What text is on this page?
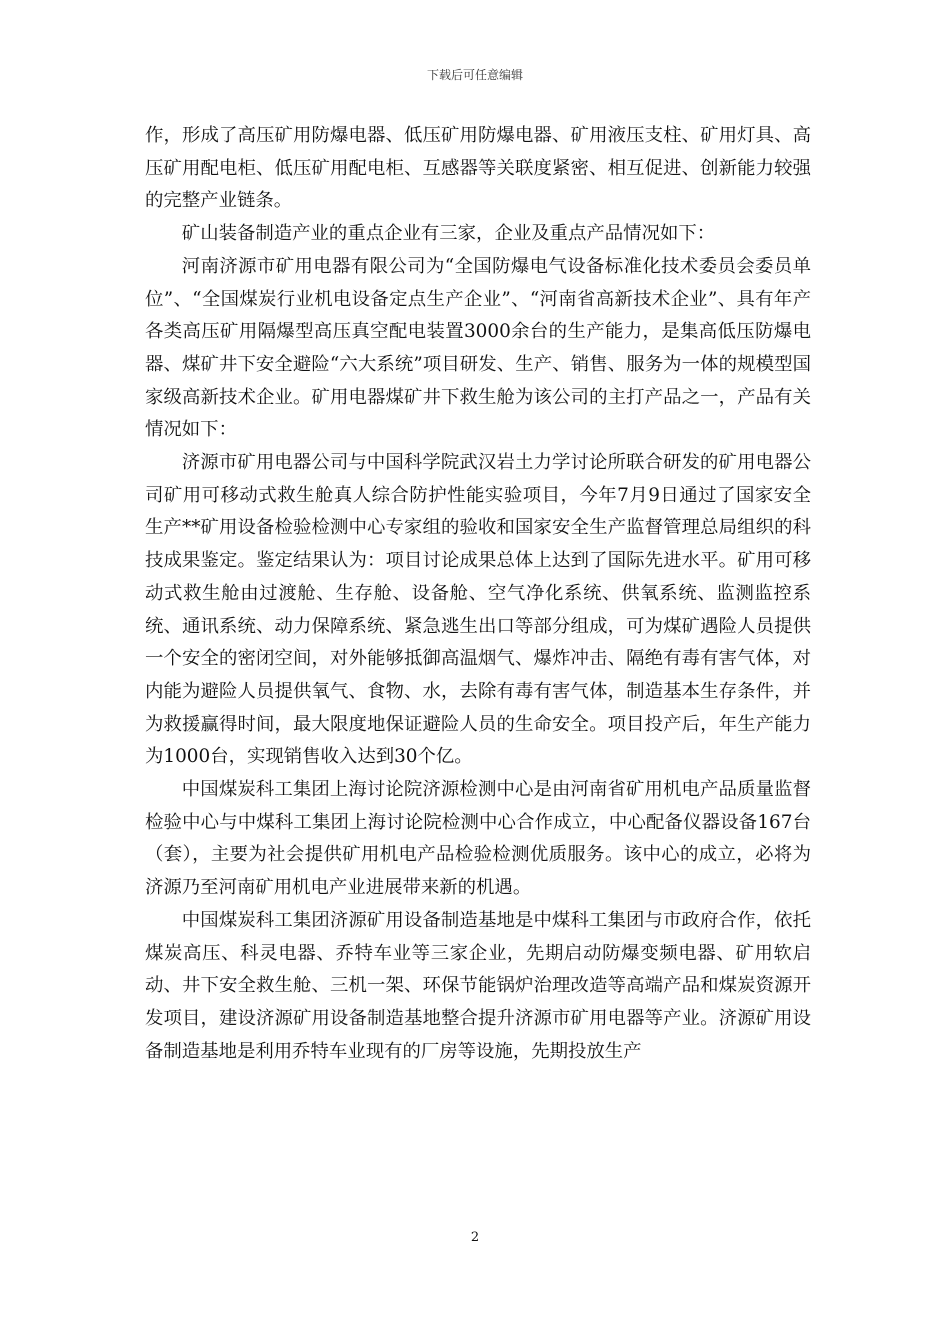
下载后可任意编辑

作，形成了高压矿用防爆电器、低压矿用防爆电器、矿用液压支柱、矿用灯具、高压矿用配电柜、低压矿用配电柜、互感器等关联度紧密、相互促进、创新能力较强的完整产业链条。

矿山装备制造产业的重点企业有三家，企业及重点产品情况如下：

河南济源市矿用电器有限公司为“全国防爆电气设备标准化技术委员会委员单位”、“全国煤炭行业机电设备定点生产企业”、“河南省高新技术企业”、具有年产各类高压矿用隔爆型高压真空配电装置3000余台的生产能力，是集高低压防爆电器、煤矿井下安全避险“六大系统”项目研发、生产、销售、服务为一体的规模型国家级高新技术企业。矿用电器煤矿井下救生舱为该公司的主打产品之一，产品有关情况如下：

济源市矿用电器公司与中国科学院武汉岩土力学讨论所联合研发的矿用电器公司矿用可移动式救生舱真人综合防护性能实验项目，今年7月9日通过了国家安全生产**矿用设备检验检测中心专家组的验收和国家安全生产监督管理总局组织的科技成果鉴定。鉴定结果认为：项目讨论成果总体上达到了国际先进水平。矿用可移动式救生舱由过渡舱、生存舱、设备舱、空气净化系统、供氧系统、监测监控系统、通讯系统、动力保障系统、紧急逃生出口等部分组成，可为煤矿遇险人员提供一个安全的密闭空间，对外能够抵御高温烟气、爆炸冲击、隔绝有毒有害气体，对内能为避险人员提供氧气、食物、水，去除有毒有害气体，制造基本生存条件，并为救援赢得时间，最大限度地保证避险人员的生命安全。项目投产后，年生产能力为1000台，实现销售收入达到30个亿。

中国煤炭科工集团上海讨论院济源检测中心是由河南省矿用机电产品质量监督检验中心与中煤科工集团上海讨论院检测中心合作成立，中心配备仪器设备167台（套），主要为社会提供矿用机电产品检验检测优质服务。该中心的成立，必将为济源乃至河南矿用机电产业进展带来新的机遇。

中国煤炭科工集团济源矿用设备制造基地是中煤科工集团与市政府合作，依托煤炭高压、科灵电器、乔特车业等三家企业，先期启动防爆变频电器、矿用软启动、井下安全救生舱、三机一架、环保节能锅炉治理改造等高端产品和煤炭资源开发项目，建设济源矿用设备制造基地整合提升济源市矿用电器等产业。济源矿用设备制造基地是利用乔特车业现有的厂房等设施，先期投放生产

2
